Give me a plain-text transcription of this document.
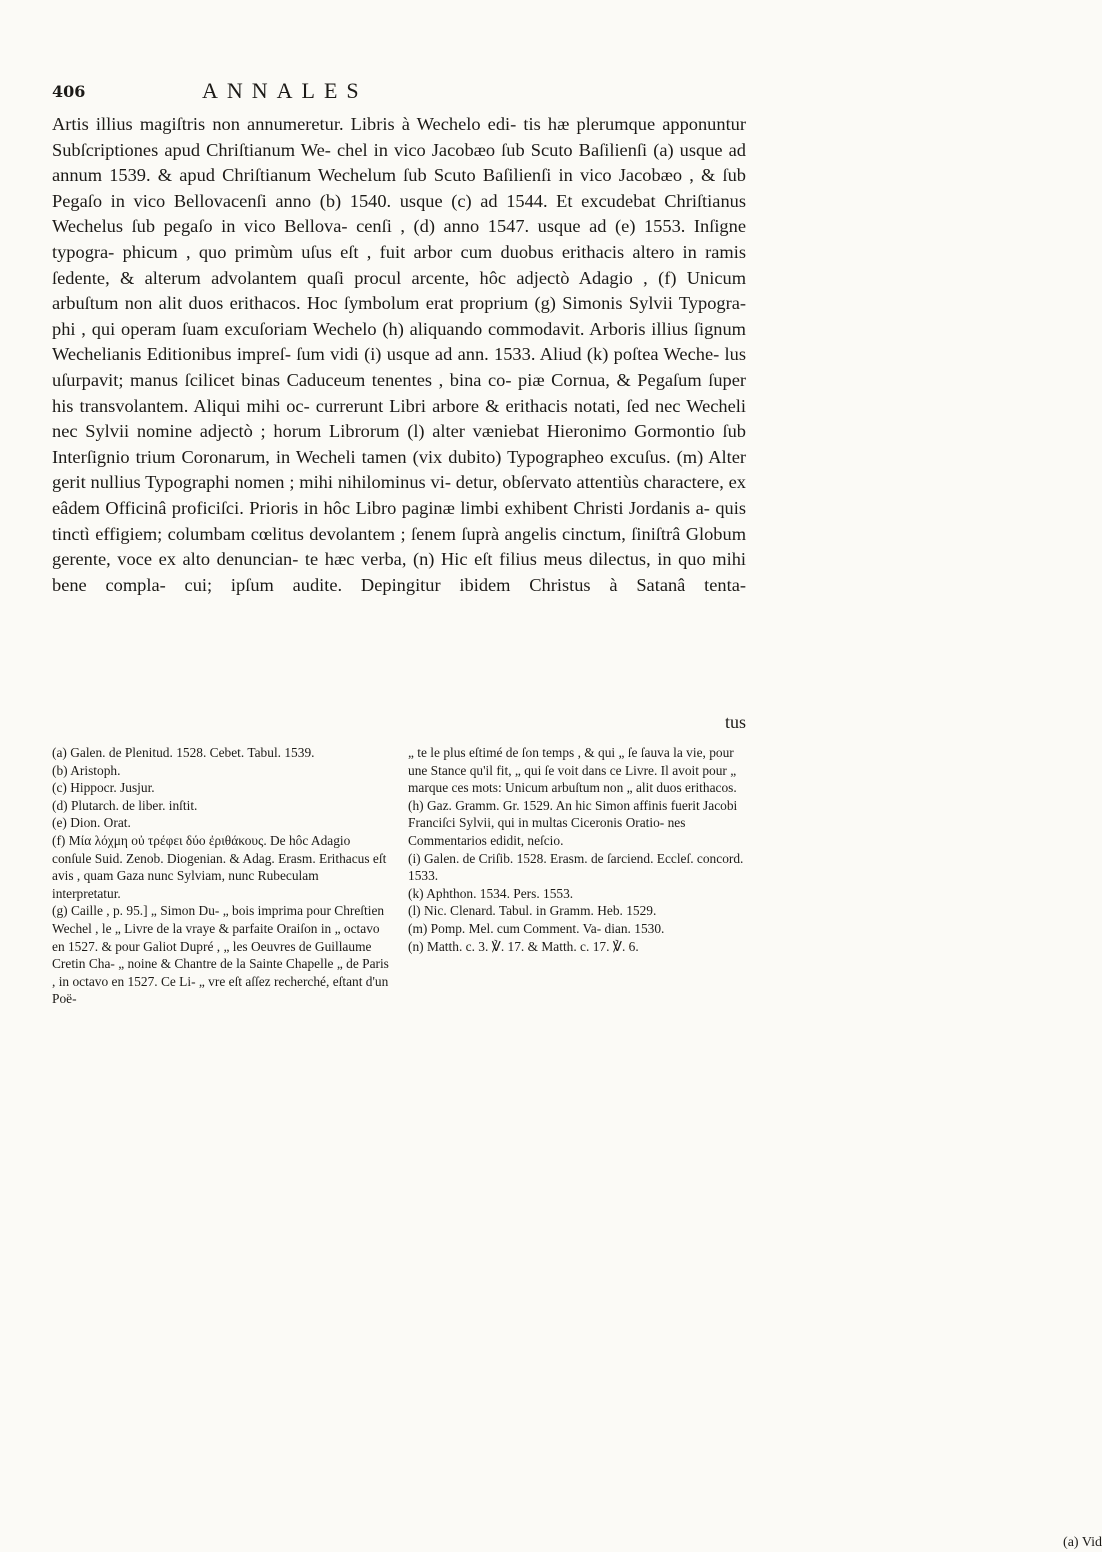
406	ANNALES

Artis illius magiſtris non annumeretur. Libris à Wechelo edi- tis hæ plerumque apponuntur Subſcriptiones apud Chriſtianum We- chel in vico Jacobæo ſub Scuto Baſilienſi (a) usque ad annum 1539. & apud Chriſtianum Wechelum ſub Scuto Baſilienſi in vico Jacobæo , & ſub Pegaſo in vico Bellovacenſi anno (b) 1540. usque (c) ad 1544. Et excudebat Chriſtianus Wechelus ſub pegaſo in vico Bellova- cenſi , (d) anno 1547. usque ad (e) 1553. Inſigne typogra- phicum , quo primùm uſus eſt , fuit arbor cum duobus erithacis altero in ramis ſedente, & alterum advolantem quaſi procul arcente, hôc adjectò Adagio , (f) Unicum arbuſtum non alit duos erithacos. Hoc ſymbolum erat proprium (g) Simonis Sylvii Typogra- phi , qui operam ſuam excuſoriam Wechelo (h) aliquando commodavit. Arboris illius ſignum Wechelianis Editionibus impreſ- ſum vidi (i) usque ad ann. 1533. Aliud (k) poſtea Weche- lus uſurpavit; manus ſcilicet binas Caduceum tenentes , bina co- piæ Cornua, & Pegaſum ſuper his transvolantem. Aliqui mihi oc- currerunt Libri arbore & erithacis notati, ſed nec Wecheli nec Sylvii nomine adjectò ; horum Librorum (l) alter væniebat Hieronimo Gormontio ſub Interſignio trium Coronarum, in Wecheli tamen (vix dubito) Typographeo excuſus. (m) Alter gerit nullius Typographi nomen ; mihi nihilominus vi- detur, obſervato attentiùs charactere, ex eâdem Officinâ proficiſci. Prioris in hôc Libro paginæ limbi exhibent Christi Jordanis a- quis tinctì effigiem; columbam cœlitus devolantem ; ſenem ſuprà angelis cinctum, ſiniſtrâ Globum gerente, voce ex alto denuncian- te hæc verba, (n) Hic eſt filius meus dilectus, in quo mihi bene compla- cui; ipſum audite. Depingitur ibidem Christus à Satanâ tenta-

tus

(a) Galen. de Plenitud. 1528. Cebet. Tabul. 1539.

(b) Aristoph.

(c) Hippocr. Jusjur.

(d) Plutarch. de liber. inſtit.

(e) Dion. Orat.

(f) Μία λόχμη οὐ τρέφει δύο ἐριθάκους. De hôc Adagio conſule Suid. Zenob. Diogenian. & Adag. Erasm. Erithacus eſt avis , quam Gaza nunc Sylviam, nunc Rubeculam interpretatur.

(g) Caille , p. 95.] „ Simon Du- „ bois imprima pour Chreſtien Wechel , le „ Livre de la vraye & parfaite Oraiſon in „ octavo en 1527. & pour Galiot Dupré , „ les Oeuvres de Guillaume Cretin Cha- „ noine & Chantre de la Sainte Chapelle „ de Paris , in octavo en 1527. Ce Li- „ vre eſt aſſez recherché, eſtant d'un Poë-

„ te le plus eſtimé de ſon temps , & qui „ ſe ſauva la vie, pour une Stance qu'il fit, „ qui ſe voit dans ce Livre. Il avoit pour „ marque ces mots: Unicum arbuſtum non „ alit duos erithacos.

(h) Gaz. Gramm. Gr. 1529. An hic Simon affinis fuerit Jacobi Franciſci Sylvii, qui in multas Ciceronis Oratio- nes Commentarios edidit, neſcio.

(i) Galen. de Criſib. 1528. Erasm. de ſarciend. Eccleſ. concord. 1533.

(k) Aphthon. 1534. Pers. 1553.

(l) Nic. Clenard. Tabul. in Gramm. Heb. 1529.

(m) Pomp. Mel. cum Comment. Va- dian. 1530.

(n) Matth. c. 3. ℣. 17. & Matth. c. 17. ℣. 6.

(a) Vid
